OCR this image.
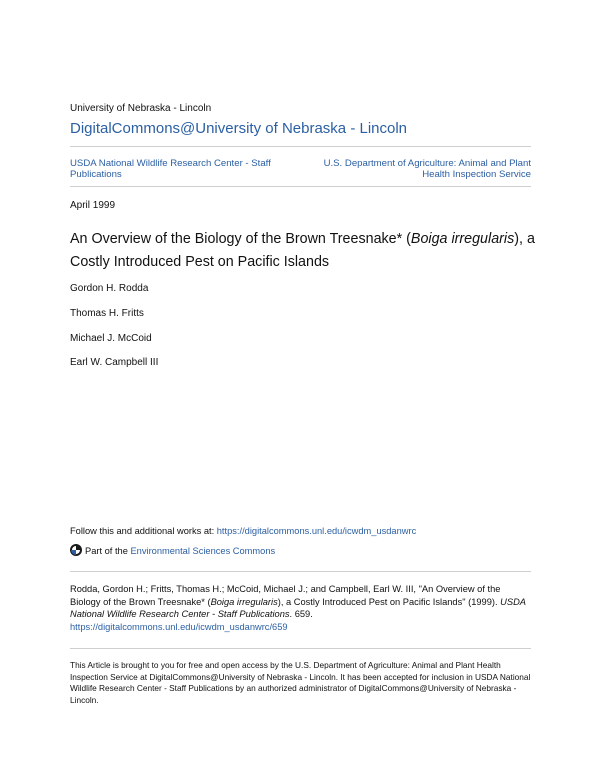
University of Nebraska - Lincoln
DigitalCommons@University of Nebraska - Lincoln
USDA National Wildlife Research Center - Staff Publications
U.S. Department of Agriculture: Animal and Plant Health Inspection Service
April 1999
An Overview of the Biology of the Brown Treesnake* (Boiga irregularis), a Costly Introduced Pest on Pacific Islands
Gordon H. Rodda
Thomas H. Fritts
Michael J. McCoid
Earl W. Campbell III
Follow this and additional works at: https://digitalcommons.unl.edu/icwdm_usdanwrc
Part of the Environmental Sciences Commons
Rodda, Gordon H.; Fritts, Thomas H.; McCoid, Michael J.; and Campbell, Earl W. III, "An Overview of the Biology of the Brown Treesnake* (Boiga irregularis), a Costly Introduced Pest on Pacific Islands" (1999). USDA National Wildlife Research Center - Staff Publications. 659.
https://digitalcommons.unl.edu/icwdm_usdanwrc/659
This Article is brought to you for free and open access by the U.S. Department of Agriculture: Animal and Plant Health Inspection Service at DigitalCommons@University of Nebraska - Lincoln. It has been accepted for inclusion in USDA National Wildlife Research Center - Staff Publications by an authorized administrator of DigitalCommons@University of Nebraska - Lincoln.
